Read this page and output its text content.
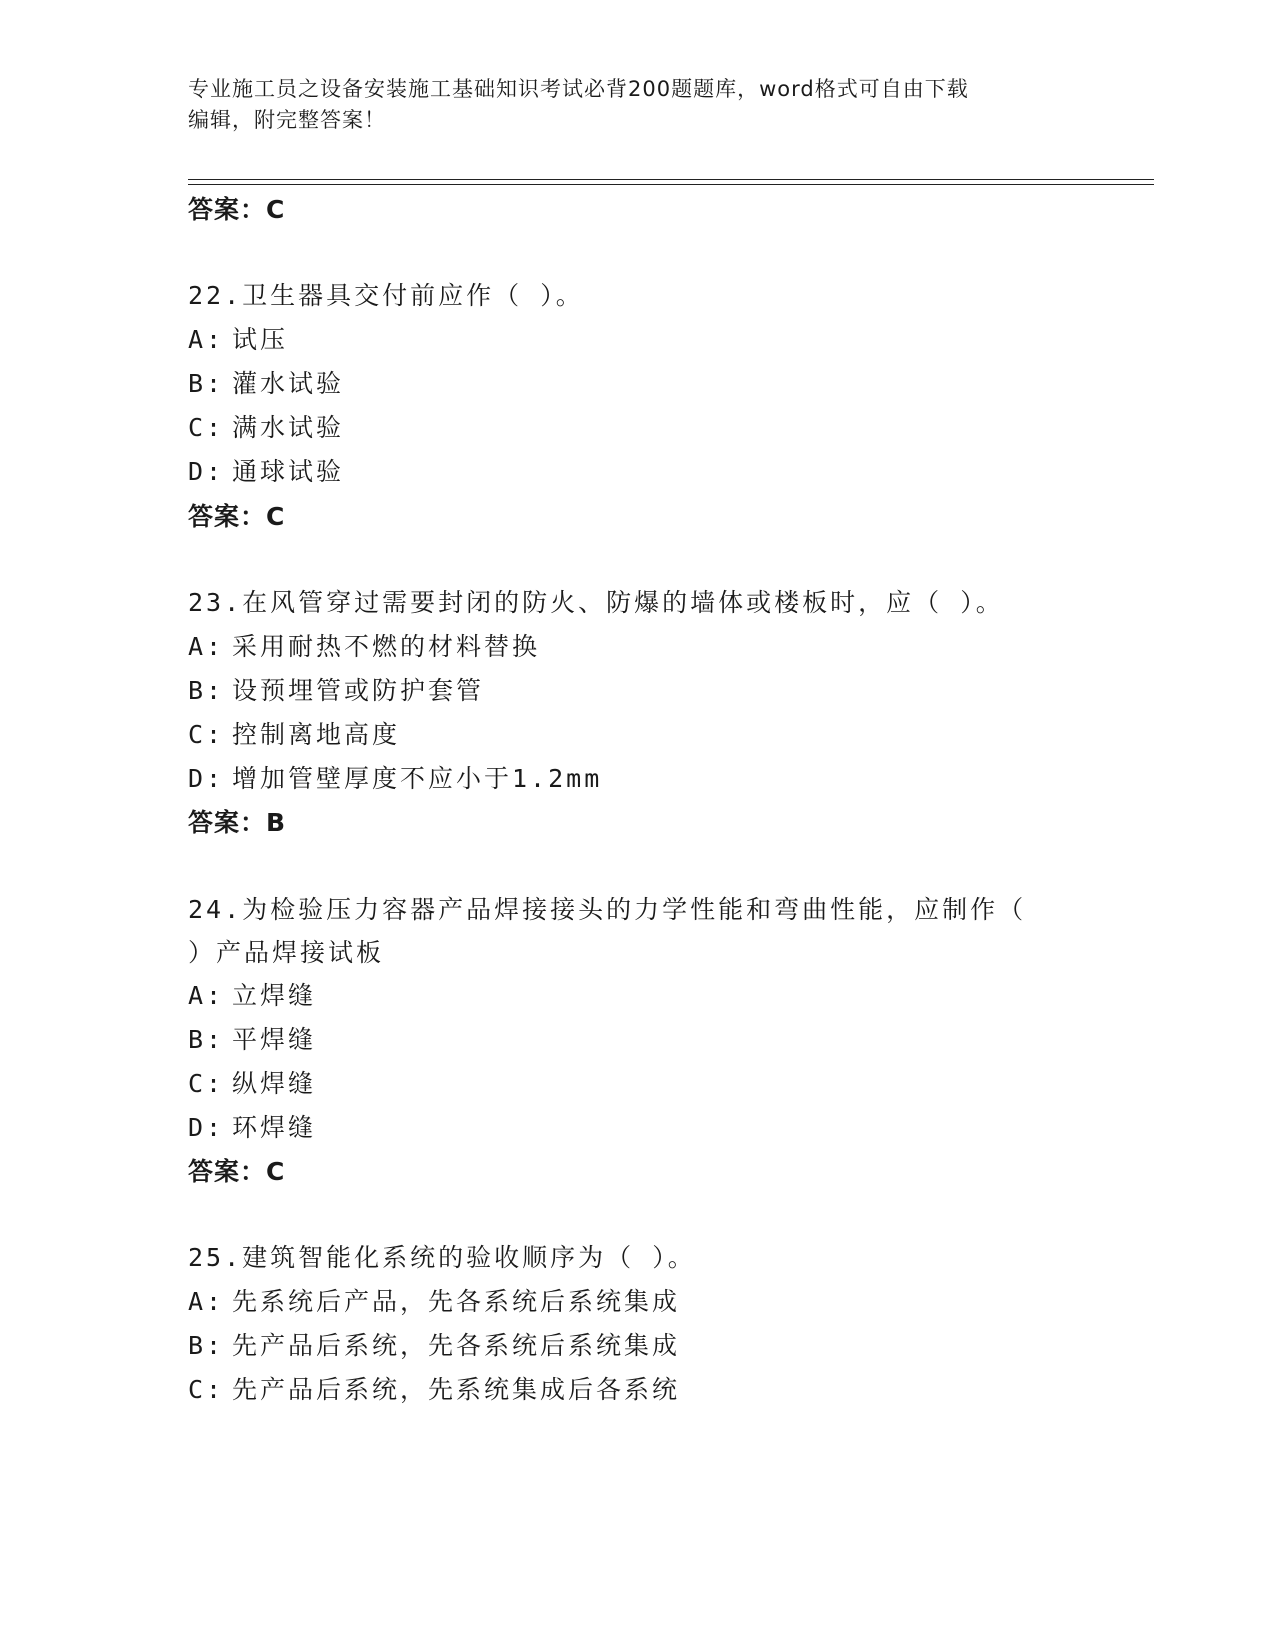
专业施工员之设备安装施工基础知识考试必背200题题库，word格式可自由下载
编辑，附完整答案！
答案：C
22.卫生器具交付前应作（ ）。
A: 试压
B: 灌水试验
C: 满水试验
D: 通球试验
答案：C
23.在风管穿过需要封闭的防火、防爆的墙体或楼板时，应（ ）。
A: 采用耐热不燃的材料替换
B: 设预埋管或防护套管
C: 控制离地高度
D: 增加管壁厚度不应小于1.2mm
答案：B
24.为检验压力容器产品焊接接头的力学性能和弯曲性能，应制作（
）产品焊接试板
A: 立焊缝
B: 平焊缝
C: 纵焊缝
D: 环焊缝
答案：C
25.建筑智能化系统的验收顺序为（ ）。
A: 先系统后产品，先各系统后系统集成
B: 先产品后系统，先各系统后系统集成
C: 先产品后系统，先系统集成后各系统
